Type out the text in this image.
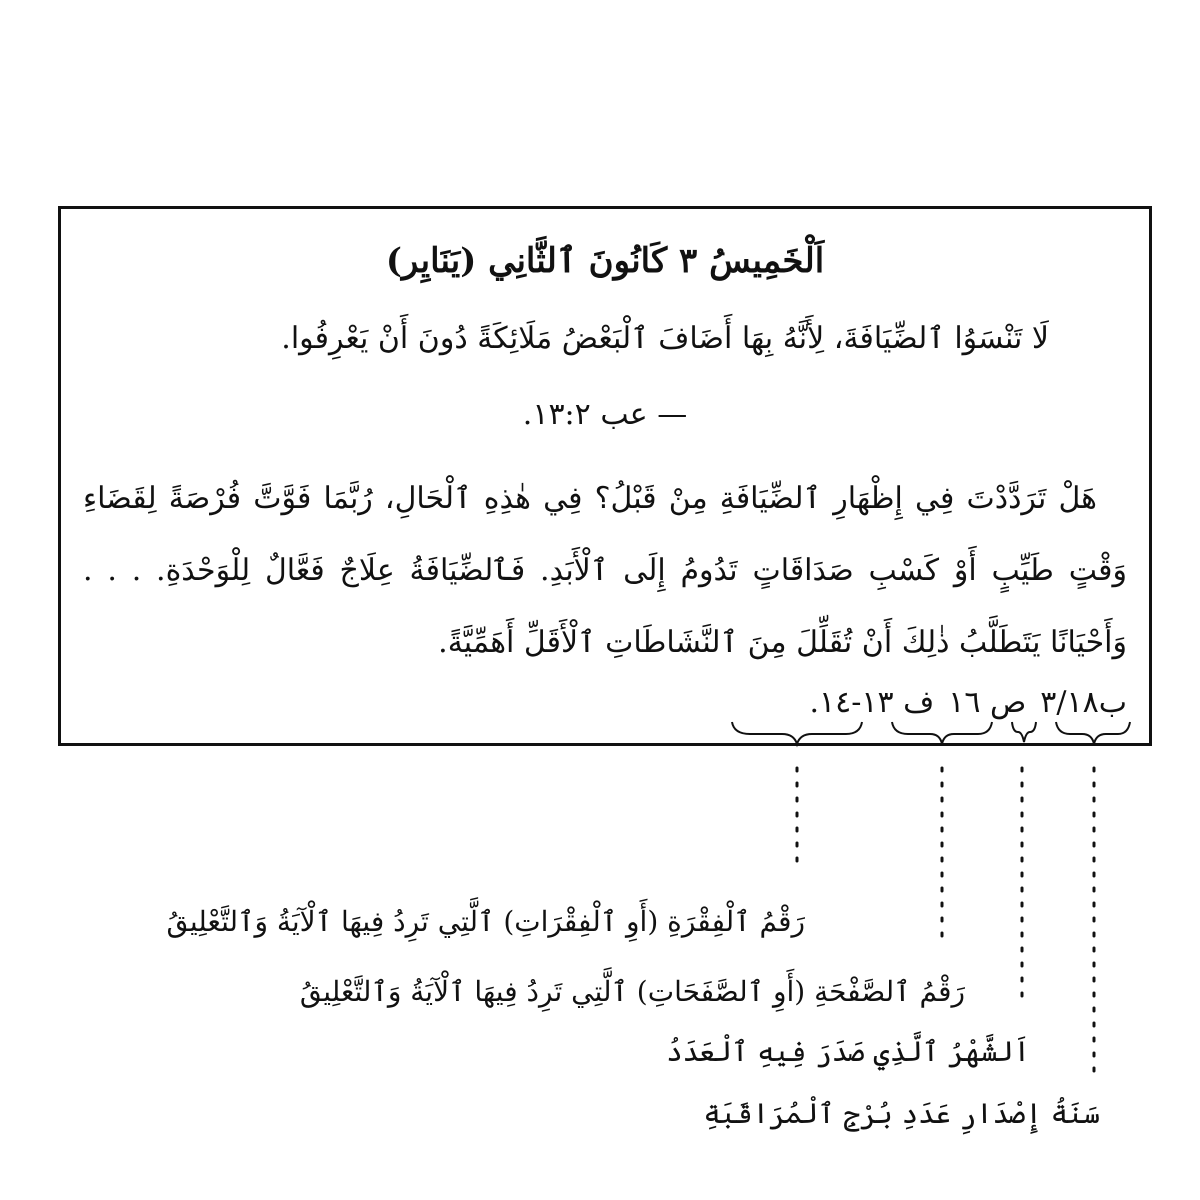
اَلْخَمِيسُ ٣ كَانُونَ ٱلثَّانِي (يَنَايِر)
لَا تَنْسَوُا ٱلضِّيَافَةَ، لِأَنَّهُ بِهَا أَضَافَ ٱلْبَعْضُ مَلَائِكَةً دُونَ أَنْ يَعْرِفُوا.
— عب ١٣:٢.
هَلْ تَرَدَّدْتَ فِي إِظْهَارِ ٱلضِّيَافَةِ مِنْ قَبْلُ؟ فِي هٰذِهِ ٱلْحَالِ، رُبَّمَا فَوَّتَّ فُرْصَةً لِقَضَاءِ وَقْتٍ طَيِّبٍ أَوْ كَسْبِ صَدَاقَاتٍ تَدُومُ إِلَى ٱلْأَبَدِ. فَٱلضِّيَافَةُ عِلَاجٌ فَعَّالٌ لِلْوَحْدَةِ. . . . وَأَحْيَانًا يَتَطَلَّبُ ذٰلِكَ أَنْ تُقَلِّلَ مِنَ ٱلنَّشَاطَاتِ ٱلْأَقَلِّ أَهَمِّيَّةً.
ب١٨/٣ص ١٦ف ١٣-١٤.
رَقْمُ ٱلْفِقْرَةِ (أَوِ ٱلْفِقْرَاتِ) ٱلَّتِي تَرِدُ فِيهَا ٱلْآيَةُ وَٱلتَّعْلِيقُ
رَقْمُ ٱلصَّفْحَةِ (أَوِ ٱلصَّفَحَاتِ) ٱلَّتِي تَرِدُ فِيهَا ٱلْآيَةُ وَٱلتَّعْلِيقُ
اَلشَّهْرُ ٱلَّذِي صَدَرَ فِيهِ ٱلْعَدَدُ
سَنَةُ إِصْدَارِ عَدَدِ بُرْجِ ٱلْمُرَاقَبَةِ
